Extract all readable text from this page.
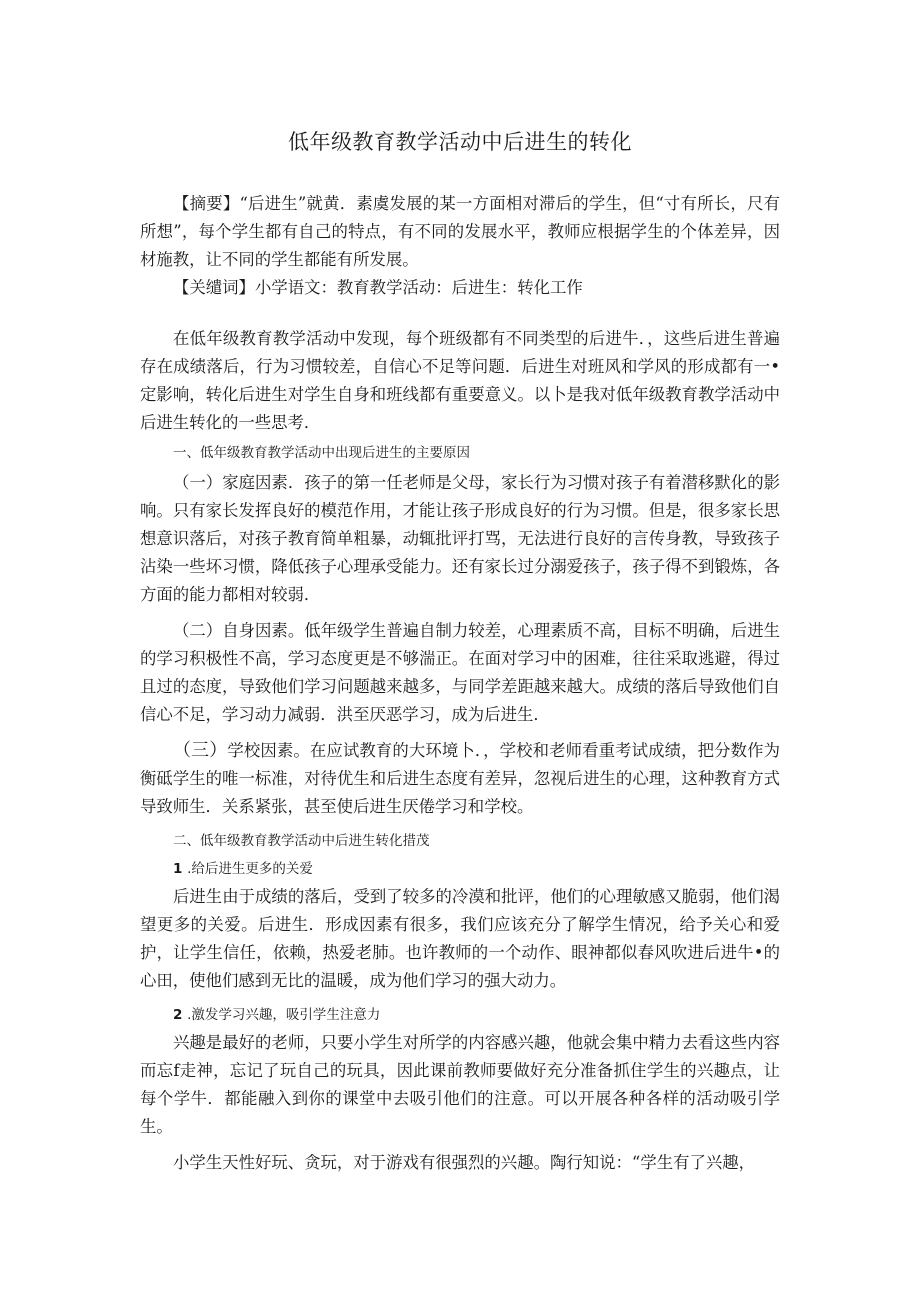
低年级教育教学活动中后进生的转化

【摘要】“后进生”就黄．素虞发展的某一方面相对滞后的学生，但“寸有所长，尺有所想”，每个学生都有自己的特点，有不同的发展水平，教师应根据学生的个体差异，因材施教，让不同的学生都能有所发展。

【关缱词】小学语文：教育教学活动：后进生：转化工作

在低年级教育教学活动中发现，每个班级都有不同类型的后进牛．，这些后进生普遍存在成绩落后，行为习惯较差，自信心不足等问题．后进生对班风和学风的形成都有一•定影响，转化后进生对学生自身和班线都有重要意义。以卜是我对低年级教育教学活动中后进生转化的一些思考．

一、低年级教育教学活动中出现后进生的主要原因

（一）家庭因素．孩子的第一任老师是父母，家长行为习惯对孩子有着潜移默化的影响。只有家长发挥良好的模范作用，才能让孩子形成良好的行为习惯。但是，很多家长思想意识落后，对孩子教育简单粗暴，动辄批评打骂，无法进行良好的言传身教，导致孩子沾染一些坏习惯，降低孩子心理承受能力。还有家长过分溺爱孩子，孩子得不到锻炼，各方面的能力都相对较弱．

（二）自身因素。低年级学生普遍自制力较差，心理素质不高，目标不明确，后进生的学习积极性不高，学习态度更是不够湍正。在面对学习中的困难，往往采取逃避，得过且过的态度，导致他们学习问题越来越多，与同学差距越来越大。成绩的落后导致他们自信心不足，学习动力减弱．洪至厌恶学习，成为后进生．

（三）学校因素。在应试教育的大环境卜．，学校和老师看重考试成绩，把分数作为衡砥学生的唯一标准，对待优生和后进生态度有差异，忽视后进生的心理，这种教育方式导致师生．关系紧张，甚至使后进生厌倦学习和学校。

二、低年级教育教学活动中后进生转化措茂

1 .给后进生更多的关爱

后进生由于成绩的落后，受到了较多的冷漠和批评，他们的心理敏感又脆弱，他们渴望更多的关爱。后进生．形成因素有很多，我们应该充分了解学生情况，给予关心和爱护，让学生信任，依赖，热爱老肺。也许教师的一个动作、眼神都似春风吹进后进牛•的心田，使他们感到无比的温暖，成为他们学习的强大动力。

2 .激发学习兴趣，吸引学生注意力

兴趣是最好的老师，只要小学生对所学的内容感兴趣，他就会集中精力去看这些内容而忘f走神，忘记了玩自己的玩具，因此课前教师要做好充分准备抓住学生的兴趣点，让每个学牛．都能融入到你的课堂中去吸引他们的注意。可以开展各种各样的活动吸引学生。

小学生天性好玩、贪玩，对于游戏有很强烈的兴趣。陶行知说：“学生有了兴趣，
